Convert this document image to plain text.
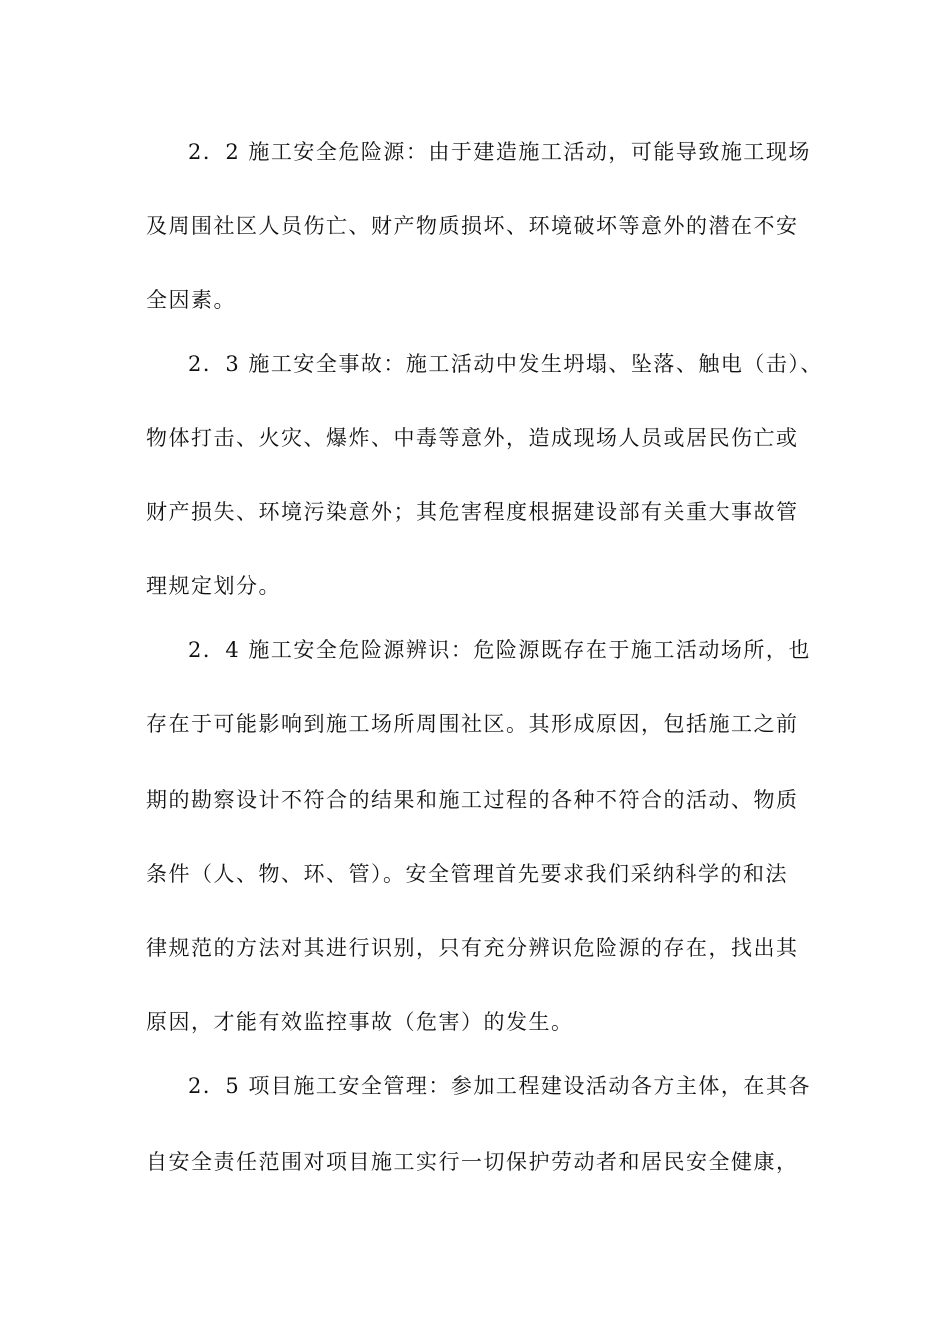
2．2 施工安全危险源：由于建造施工活动，可能导致施工现场
及周围社区人员伤亡、财产物质损坏、环境破坏等意外的潜在不安
全因素。
2．3 施工安全事故：施工活动中发生坍塌、坠落、触电（击）、
物体打击、火灾、爆炸、中毒等意外，造成现场人员或居民伤亡或
财产损失、环境污染意外；其危害程度根据建设部有关重大事故管
理规定划分。
2．4 施工安全危险源辨识：危险源既存在于施工活动场所，也
存在于可能影响到施工场所周围社区。其形成原因，包括施工之前
期的勘察设计不符合的结果和施工过程的各种不符合的活动、物质
条件（人、物、环、管）。安全管理首先要求我们采纳科学的和法
律规范的方法对其进行识别，只有充分辨识危险源的存在，找出其
原因，才能有效监控事故（危害）的发生。
2．5 项目施工安全管理：参加工程建设活动各方主体，在其各
自安全责任范围对项目施工实行一切保护劳动者和居民安全健康，
